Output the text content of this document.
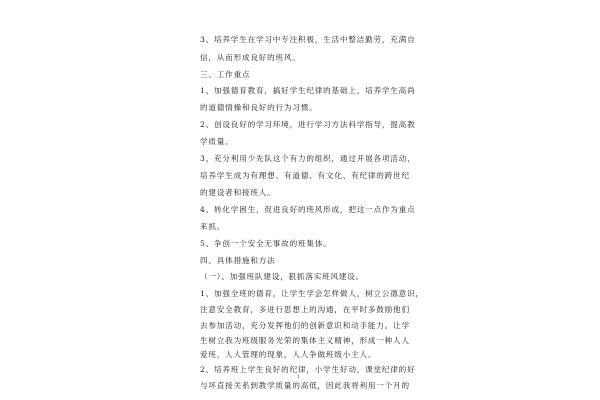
3、培养学生在学习中专注积极，生活中整洁勤劳，充满自
信，从而形成良好的班风。
三、工作重点
1、加强德育教育，搞好学生纪律的基础上，培养学生高尚
的道德情操和良好的行为习惯。
2、创设良好的学习环境，进行学习方法科学指导，提高教
学质量。
3、充分利用少先队这个有力的组织，通过开展各项活动，
培养学生成为有理想、有道德、有文化、有纪律的跨世纪
的建设者和接班人。
4、转化学困生，促进良好的班风形成，把这一点作为重点
来抓。
5、争创一个安全无事故的班集体。
四、具体措施和方法
（一）、加强班队建设，狠抓落实班风建设。
1、加强全班的德育，让学生学会怎样做人，树立公德意识，
注意安全教育，多进行思想上的沟通，在平时多鼓励他们
去参加活动，充分发挥他们的创新意识和动手能力。让学
生树立我为班级服务光荣的集体主义精神，形成一种人人
爱班，人人管理的现象，人人争做班级小主人。
2、培养班上学生良好的纪律，小学生好动，课堂纪律的好
与坏直接关系到教学质量的高低，因此我将利用一个月的
1
